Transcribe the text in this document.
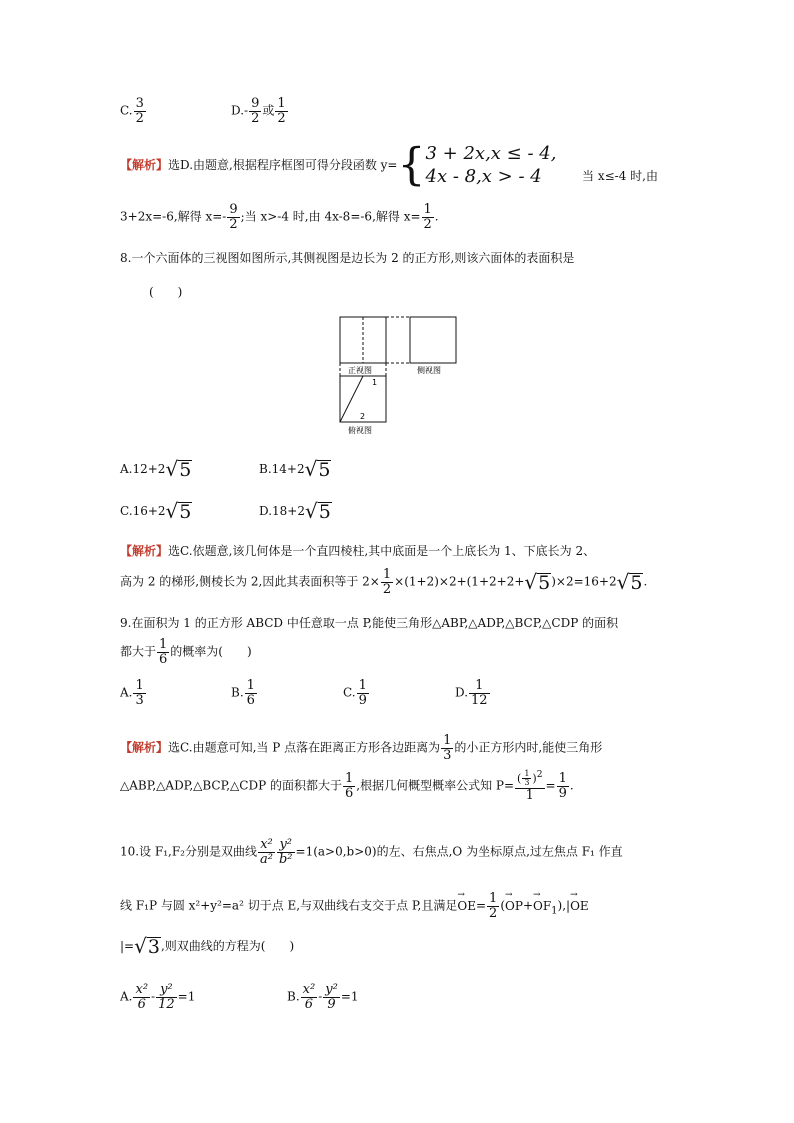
C. $\frac{3}{2}$	$D.- \frac{9}{2}$ 或 $\frac{1}{2}$
【解析】选D.由题意,根据程序框图可得分段函数 y={ 3 + 2x,x ≤ - 4,
4x - 8,x > - 4	当 x≤-4 时,由
3+2x=-6,解得 $x=- \frac{9}{2}$ ;当 x>-4 时,由 4x-8=-6,解得 $x= \frac{1}{2}$ .
8.一个六面体的三视图如图所示,其侧视图是边长为 2 的正方形,则该六面体的表面积是
(　　)
正视图	侧视图
1
2
俯视图
A.12+2√5	B.14+2√5
C.16+2√5	D.18+2√5
【解析】选C.依题意,该几何体是一个直四棱柱,其中底面是一个上底长为 1、下底长为 2、
高为 2 的梯形,侧棱长为 2,因此其表面积等于 $2\times \frac{1}{2} \times(1+2)\times 2+(1+2+2+√5)\times 2=16+2√5$.
9.在面积为 1 的正方形 ABCD 中任意取一点 P,能使三角形△ABP,△ADP,△BCP,△CDP 的面积
都大于 $\frac{1}{6}$ 的概率为(　　)
A. $\frac{1}{3}$	B. $\frac{1}{6}$	C. $\frac{1}{9}$	D. $\frac{1}{12}$
【解析】选C.由题意可知,当 P 点落在距离正方形各边距离为 $\frac{1}{3}$ 的小正方形内时,能使三角形
△ABP,△ADP,△BCP,△CDP 的面积都大于 $\frac{1}{6}$ ,根据几何概型概率公式知 $P= \frac{( \frac{1}{3} )^2}{1} = \frac{1}{9}$ .
10.设 F₁,F₂分别是双曲线 $\frac{\text{x²}}{\text{a²}} \frac{\text{y²}}{\text{b²}} =1(a>0,b>0)$的左、右焦点,O 为坐标原点,过左焦点 F₁ 作直
线 F₁P 与圆 x²+y²=a² 切于点 E,与双曲线右支交于点 P,且满足→ $OE= \frac{1}{2}$ (→ $OP+\to OF_1),|\to$ OE
|=√3,则双曲线的方程为(　　)
A. $\frac{\text{x²}}{6} - \frac{\text{y²}}{12} =1$	B. $\frac{\text{x²}}{6} - \frac{\text{y²}}{9} =1$
